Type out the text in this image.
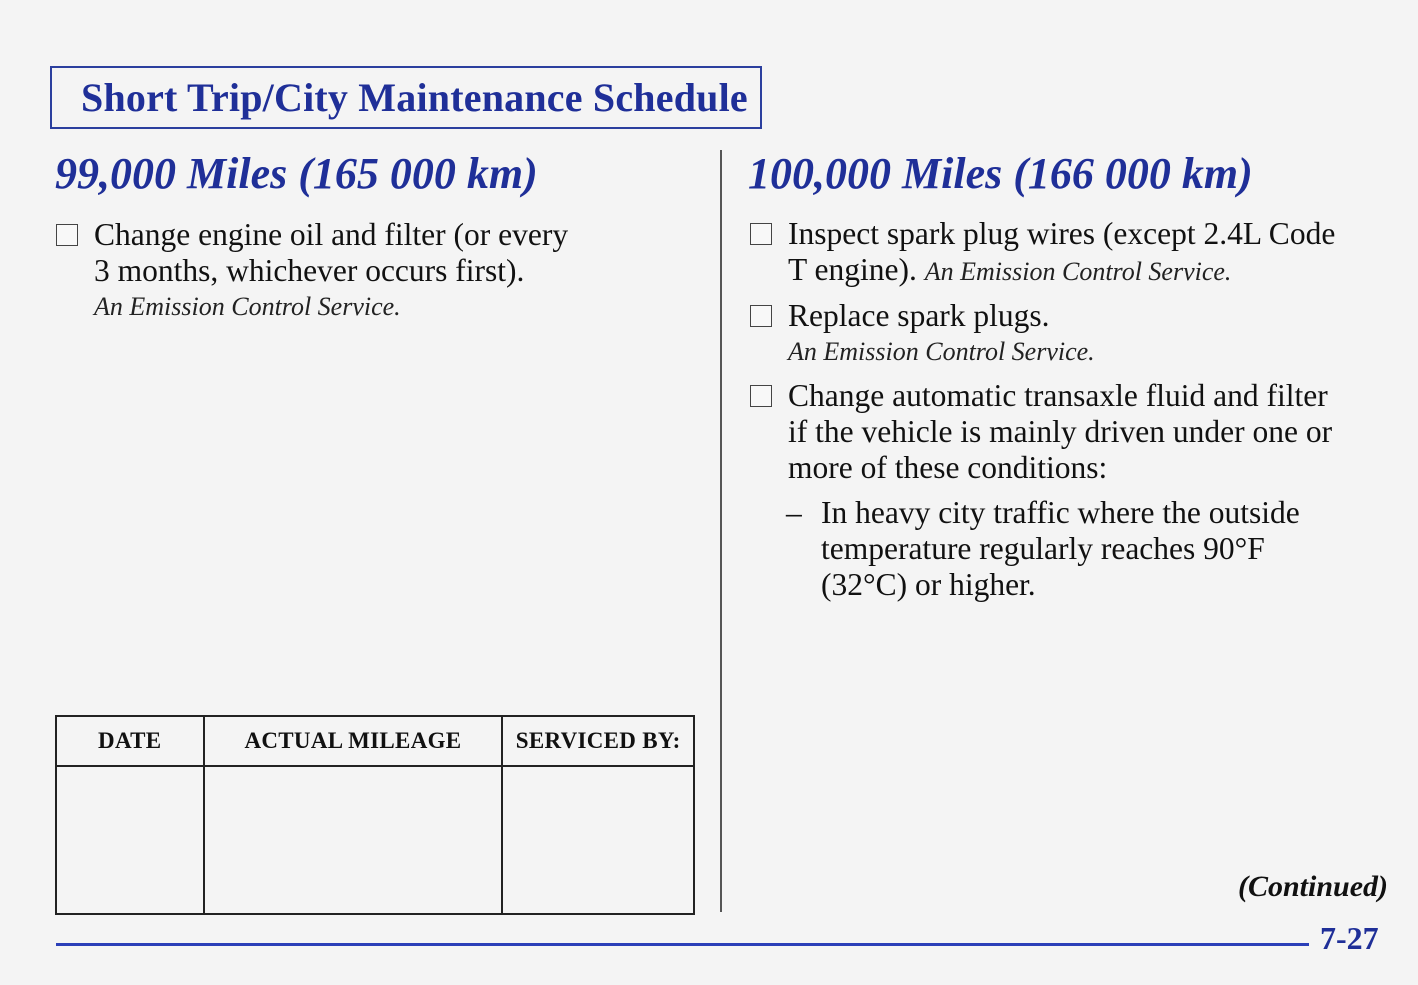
Short Trip/City Maintenance Schedule
99,000 Miles (165 000 km)	100,000 Miles (166 000 km)
Change engine oil and filter (or every
3 months, whichever occurs first).
An Emission Control Service.
Inspect spark plug wires (except 2.4L Code
T engine). An Emission Control Service.
Replace spark plugs.
An Emission Control Service.
Change automatic transaxle fluid and filter
if the vehicle is mainly driven under one or
more of these conditions:
– In heavy city traffic where the outside
temperature regularly reaches 90°F
(32°C) or higher.
DATE	ACTUAL MILEAGE	SERVICED BY:

(Continued)
7-27
